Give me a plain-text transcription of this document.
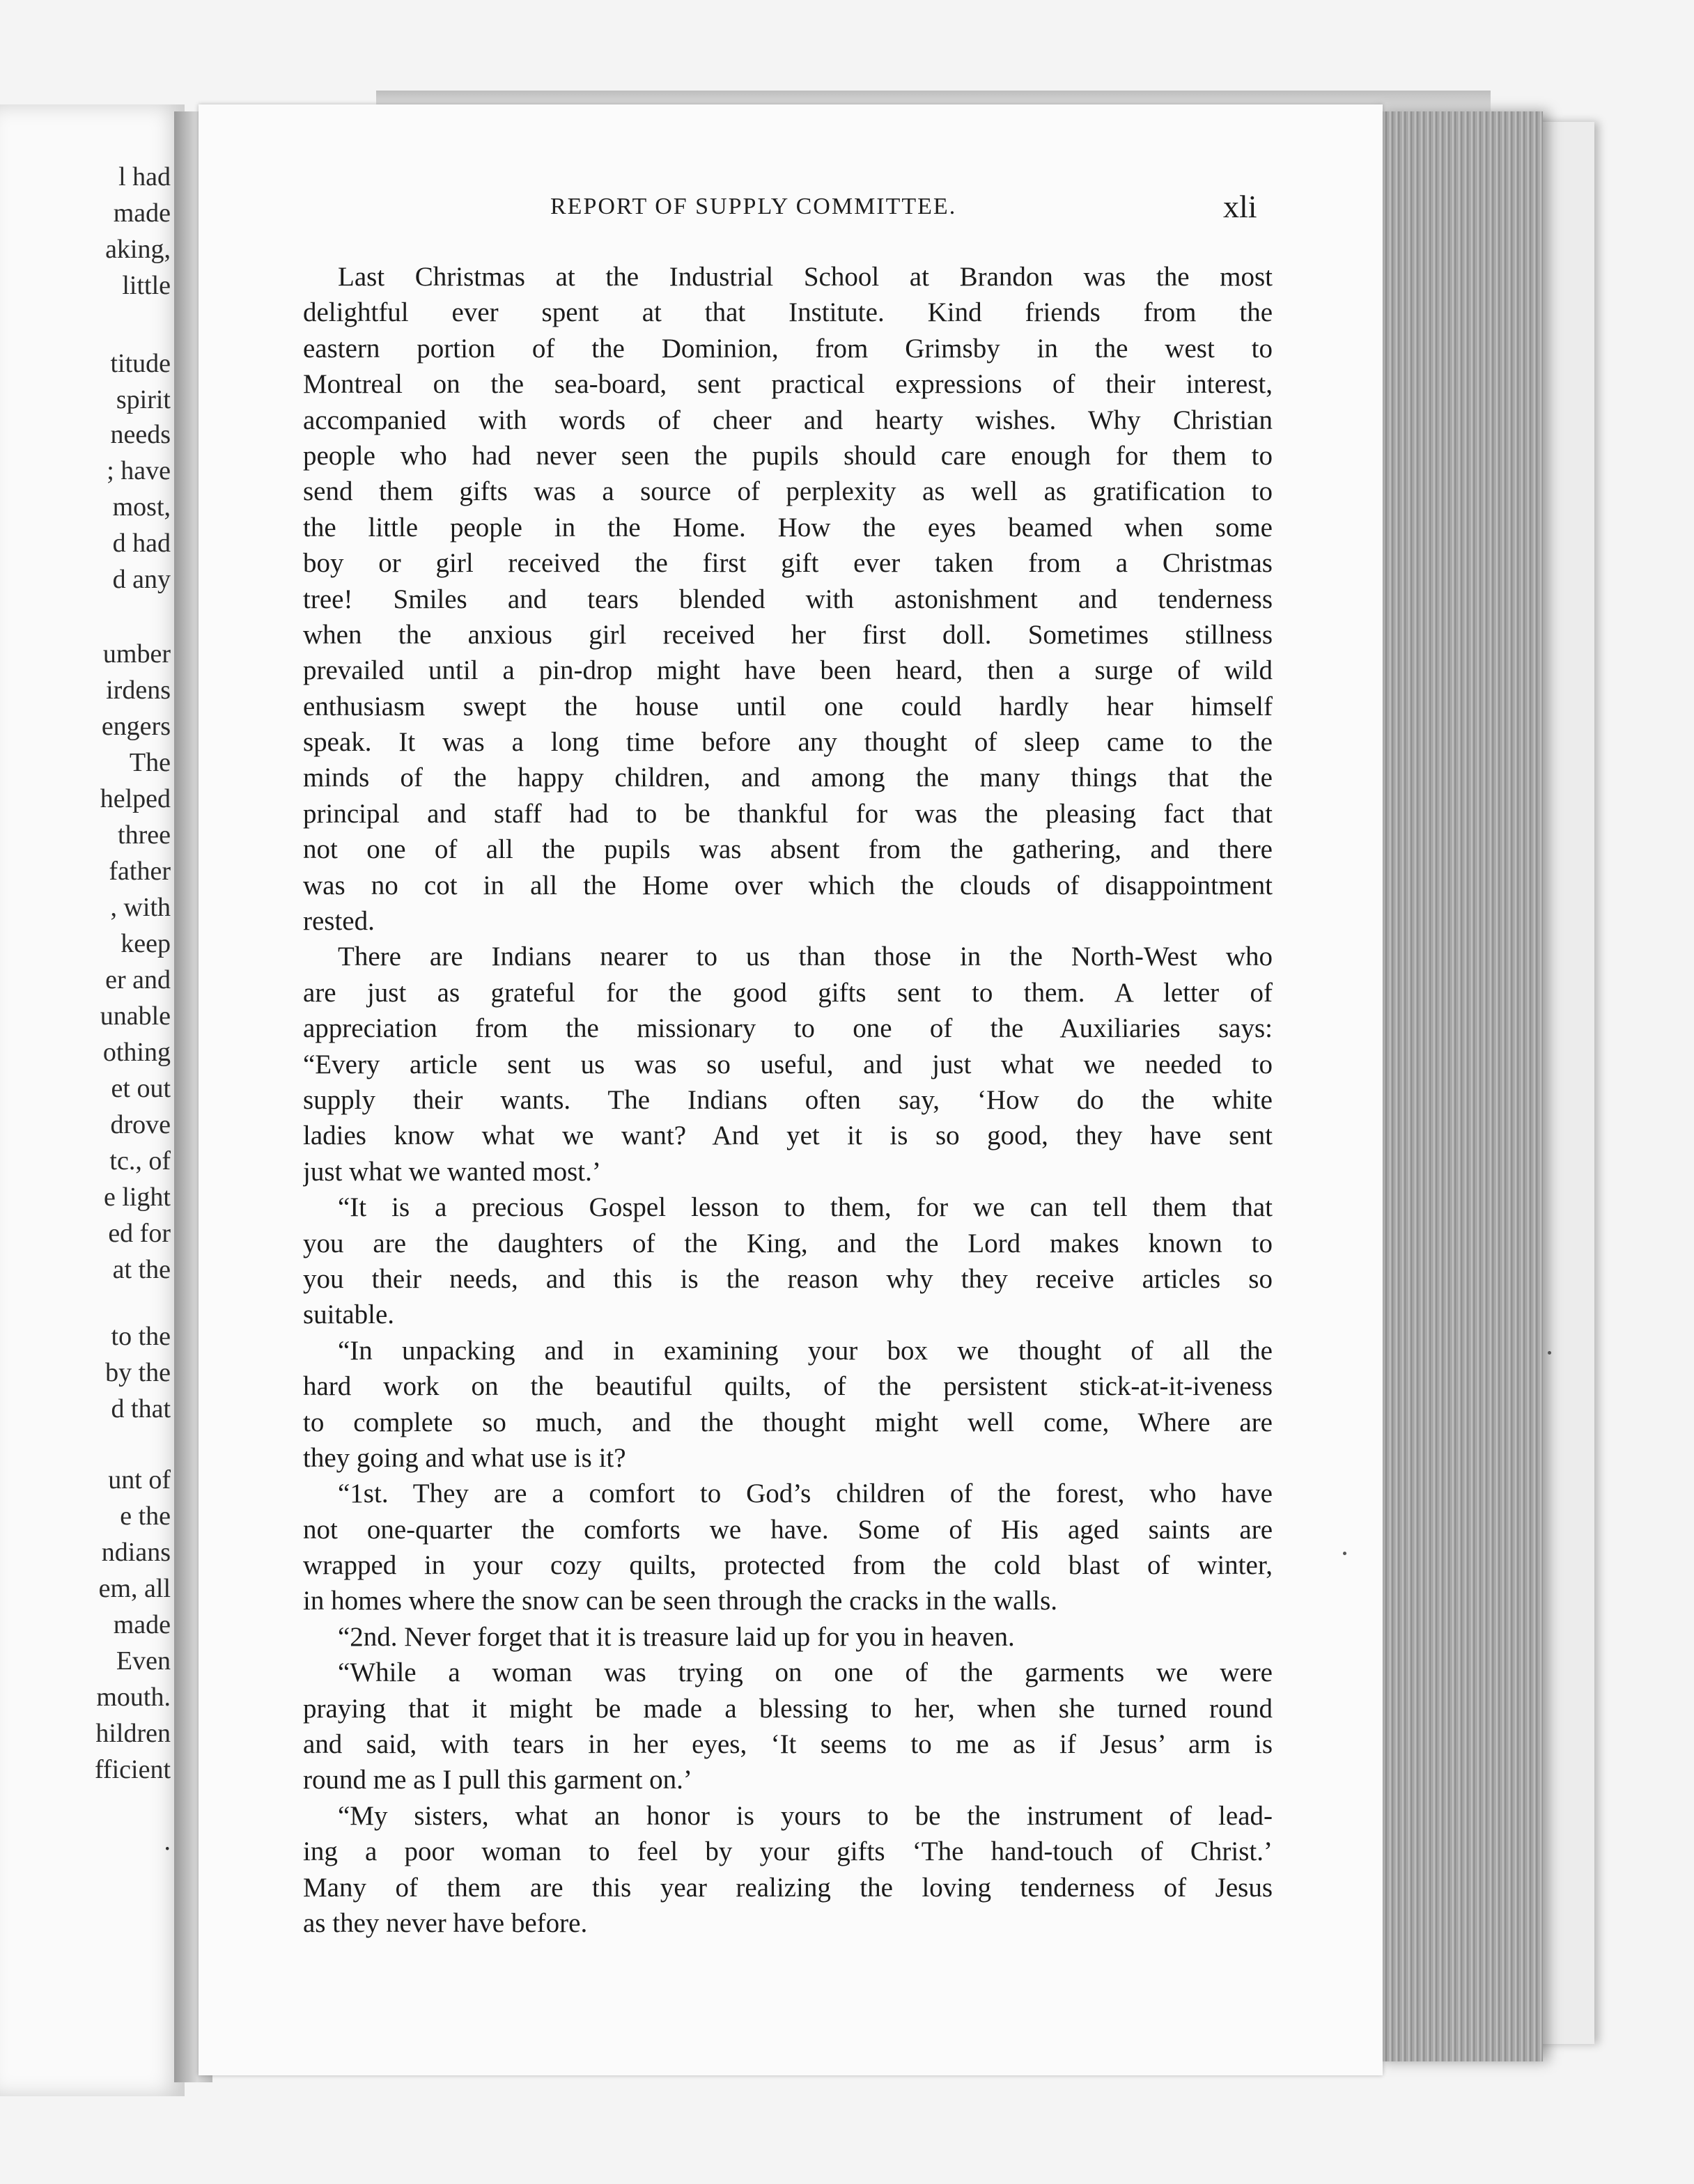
l had
made
aking,
little
titude
spirit
needs
; have
most,
d had
d any
umber
irdens
engers
The
helped
three
father
, with
keep
er and
unable
othing
et out
drove
tc., of
e light
ed for
at the
to the
by the
d that
unt of
e the
ndians
em, all
made
Even
mouth.
hildren
fficient
.
REPORT OF SUPPLY COMMITTEE.	xli
Last Christmas at the Industrial School at Brandon was the most
delightful ever spent at that Institute. Kind friends from the
eastern portion of the Dominion, from Grimsby in the west to
Montreal on the sea-board, sent practical expressions of their interest,
accompanied with words of cheer and hearty wishes. Why Christian
people who had never seen the pupils should care enough for them to
send them gifts was a source of perplexity as well as gratification to
the little people in the Home. How the eyes beamed when some
boy or girl received the first gift ever taken from a Christmas
tree! Smiles and tears blended with astonishment and tenderness
when the anxious girl received her first doll. Sometimes stillness
prevailed until a pin-drop might have been heard, then a surge of wild
enthusiasm swept the house until one could hardly hear himself
speak. It was a long time before any thought of sleep came to the
minds of the happy children, and among the many things that the
principal and staff had to be thankful for was the pleasing fact that
not one of all the pupils was absent from the gathering, and there
was no cot in all the Home over which the clouds of disappointment
rested.
There are Indians nearer to us than those in the North-West who
are just as grateful for the good gifts sent to them. A letter of
appreciation from the missionary to one of the Auxiliaries says:
“Every article sent us was so useful, and just what we needed to
supply their wants. The Indians often say, ‘How do the white
ladies know what we want? And yet it is so good, they have sent
just what we wanted most.’
“It is a precious Gospel lesson to them, for we can tell them that
you are the daughters of the King, and the Lord makes known to
you their needs, and this is the reason why they receive articles so
suitable.
“In unpacking and in examining your box we thought of all the
hard work on the beautiful quilts, of the persistent stick-at-it-iveness
to complete so much, and the thought might well come, Where are
they going and what use is it?
“1st. They are a comfort to God’s children of the forest, who have
not one-quarter the comforts we have. Some of His aged saints are
wrapped in your cozy quilts, protected from the cold blast of winter,
in homes where the snow can be seen through the cracks in the walls.
“2nd. Never forget that it is treasure laid up for you in heaven.
“While a woman was trying on one of the garments we were
praying that it might be made a blessing to her, when she turned round
and said, with tears in her eyes, ‘It seems to me as if Jesus’ arm is
round me as I pull this garment on.’
“My sisters, what an honor is yours to be the instrument of lead-
ing a poor woman to feel by your gifts ‘The hand-touch of Christ.’
Many of them are this year realizing the loving tenderness of Jesus
as they never have before.
